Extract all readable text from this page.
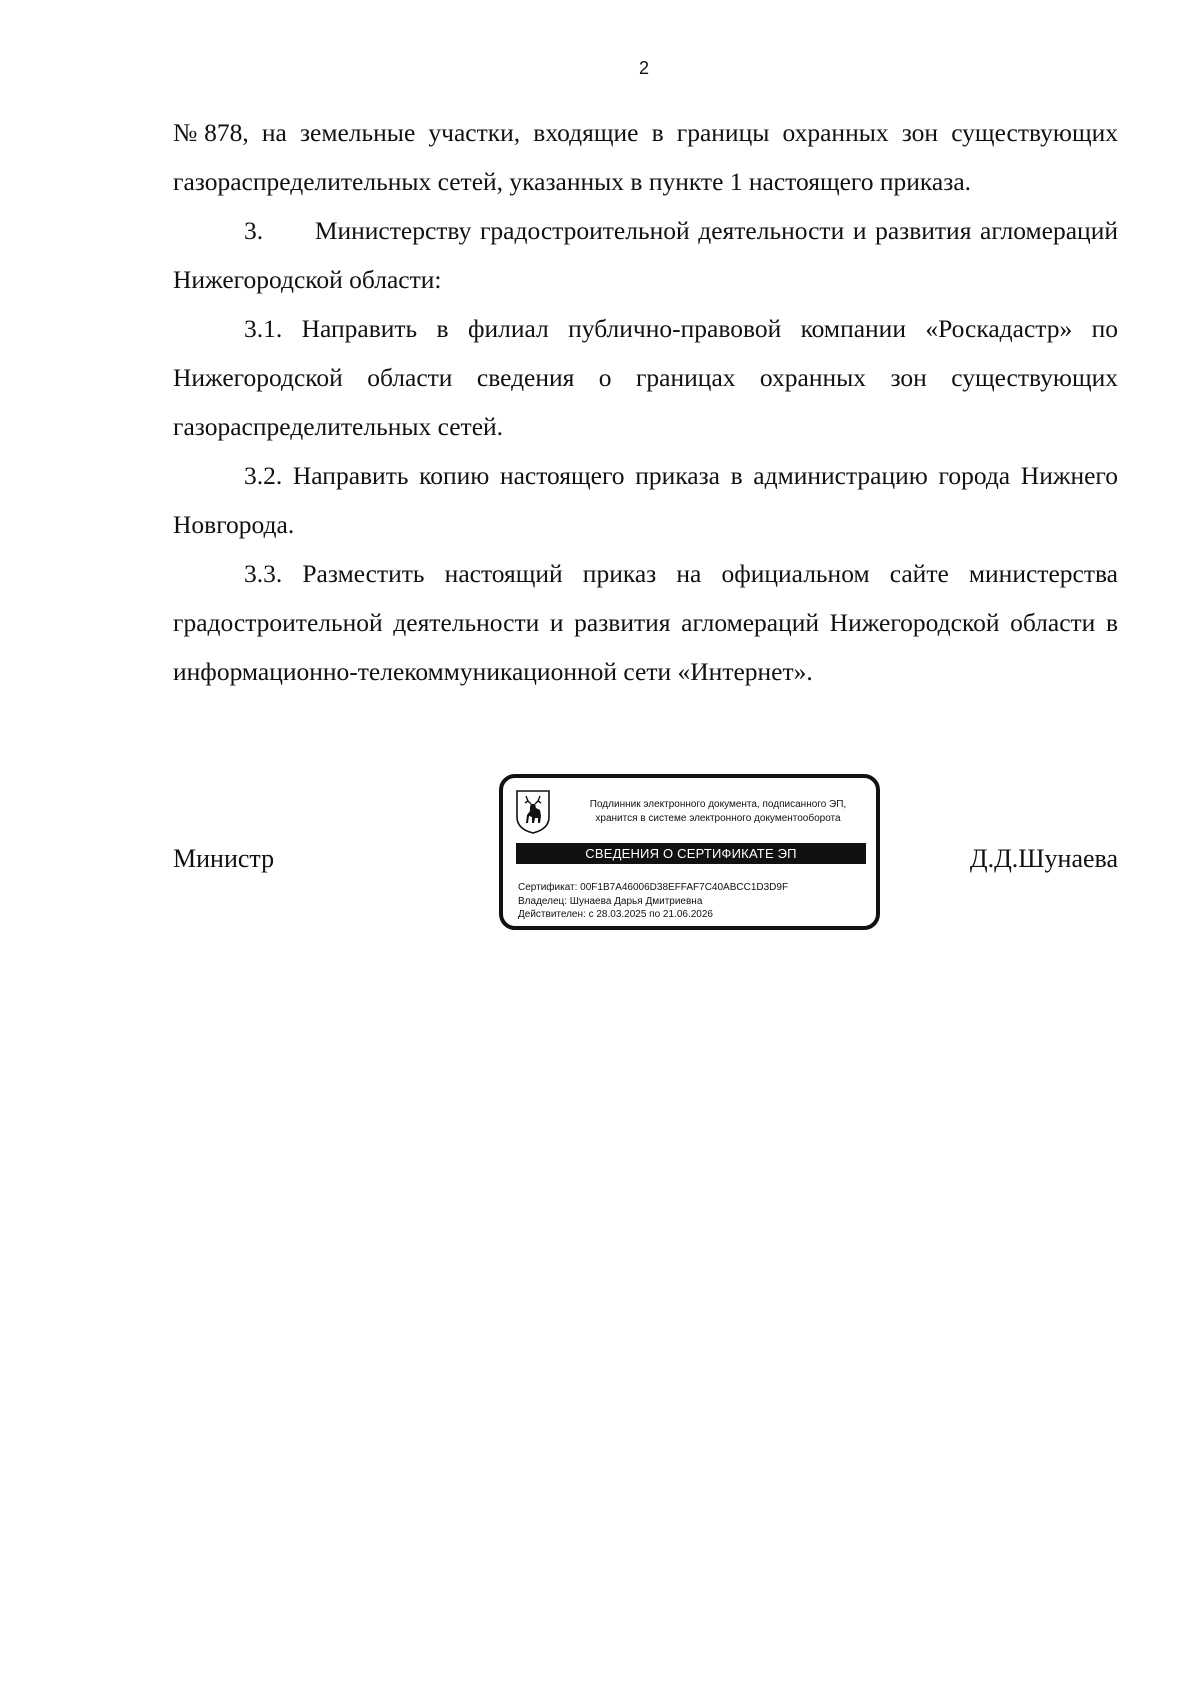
2

№878, на земельные участки, входящие в границы охранных зон существующих газораспределительных сетей, указанных в пункте 1 настоящего приказа.

3.      Министерству градостроительной деятельности и развития агломераций Нижегородской области:

3.1. Направить в филиал публично-правовой компании «Роскадастр» по Нижегородской области сведения о границах охранных зон существующих газораспределительных сетей.

3.2. Направить копию настоящего приказа в администрацию города Нижнего Новгорода.

3.3. Разместить настоящий приказ на официальном сайте министерства градостроительной деятельности и развития агломераций Нижегородской области в информационно-телекоммуникационной сети «Интернет».

Министр	Д.Д.Шунаева
Подлинник электронного документа, подписанного ЭП,
хранится в системе электронного документооборота
СВЕДЕНИЯ О СЕРТИФИКАТЕ ЭП
Сертификат: 00F1B7A46006D38EFFAF7C40ABCC1D3D9F
Владелец: Шунаева Дарья Дмитриевна
Действителен: с 28.03.2025 по 21.06.2026
